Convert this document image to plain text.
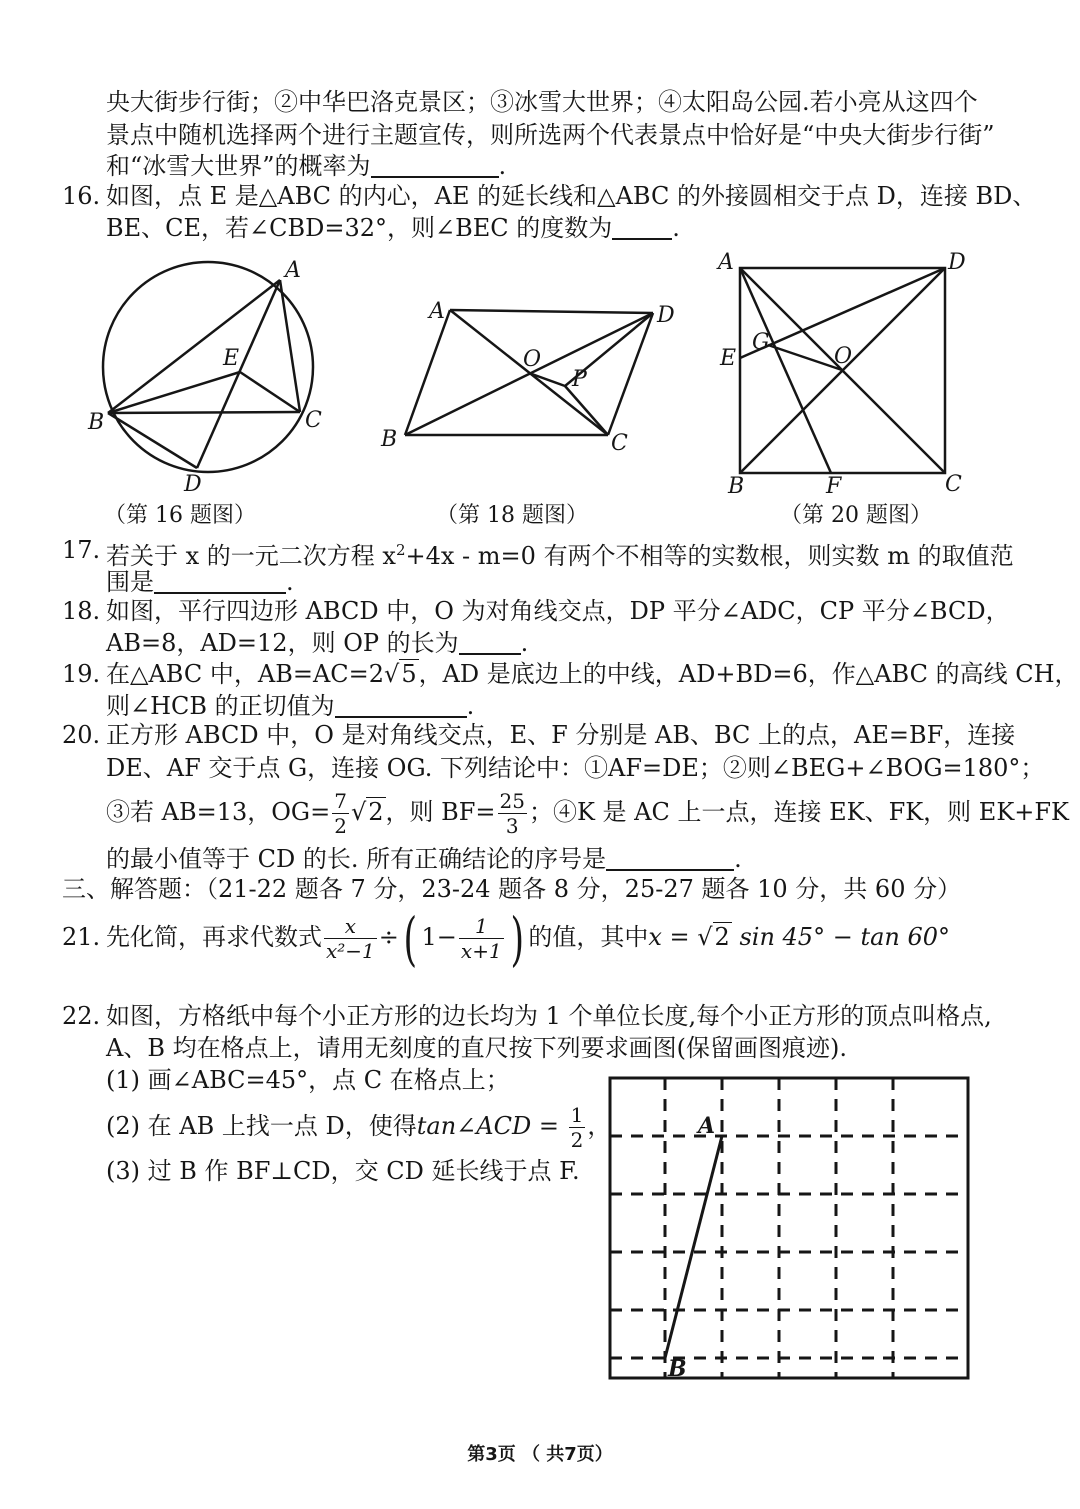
央大街步行街；②中华巴洛克景区；③冰雪大世界；④太阳岛公园.若小亮从这四个
景点中随机选择两个进行主题宣传，则所选两个代表景点中恰好是“中央大街步行街”
和“冰雪大世界”的概率为	.
16. 如图，点 E 是△ABC 的内心，AE 的延长线和△ABC 的外接圆相交于点 D，连接 BD、
BE、CE，若∠CBD=32°，则∠BEC 的度数为	.
A
B	C
D
E
（第 16 题图）
A	D
B	C
O
P
（第 18 题图）
A	D
E
G
O
B	F	C
（第 20 题图）
17. 若关于 x 的一元二次方程 $x^2+4x - m=0$ 有两个不相等的实数根，则实数 m 的取值范
围是	.
18. 如图，平行四边形 ABCD 中，O 为对角线交点，DP 平分∠ADC，CP 平分∠BCD，
AB=8，AD=12，则 OP 的长为	.
19. 在△ABC 中，AB=AC=2√5，AD 是底边上的中线，AD+BD=6，作△ABC 的高线 CH，
则∠HCB 的正切值为	.
20. 正方形 ABCD 中，O 是对角线交点，E、F 分别是 AB、BC 上的点，AE=BF，连接
DE、AF 交于点 G，连接 OG. 下列结论中：①AF=DE；②则∠BEG+∠BOG=180°；
③若 AB=13，$OG= \frac{7}{2} √2$，则 $BF= \frac{25}{3}$ ；④K 是 AC 上一点，连接 EK、FK，则 EK+FK
的最小值等于 CD 的长. 所有正确结论的序号是	.
三、解答题：（21-22 题各 7 分，23-24 题各 8 分，25-27 题各 10 分，共 60 分）
21. 先化简，再求代数式 $\frac{x}{\text{x²−1}}$ ÷( $1- \frac{1}{x+1}$ ) 的值，其中x = √2 sin 45° − tan 60°
22. 如图，方格纸中每个小正方形的边长均为 1 个单位长度,每个小正方形的顶点叫格点,
A、B 均在格点上，请用无刻度的直尺按下列要求画图(保留画图痕迹).
(1) 画∠ABC=45°，点 C 在格点上；
(2) 在 AB 上找一点 D，使得tan∠ACD = $\frac{1}{2}$ ，
(3) 过 B 作 BF⊥CD，交 CD 延长线于点 F.
A
B
第3页 （ 共7页）
